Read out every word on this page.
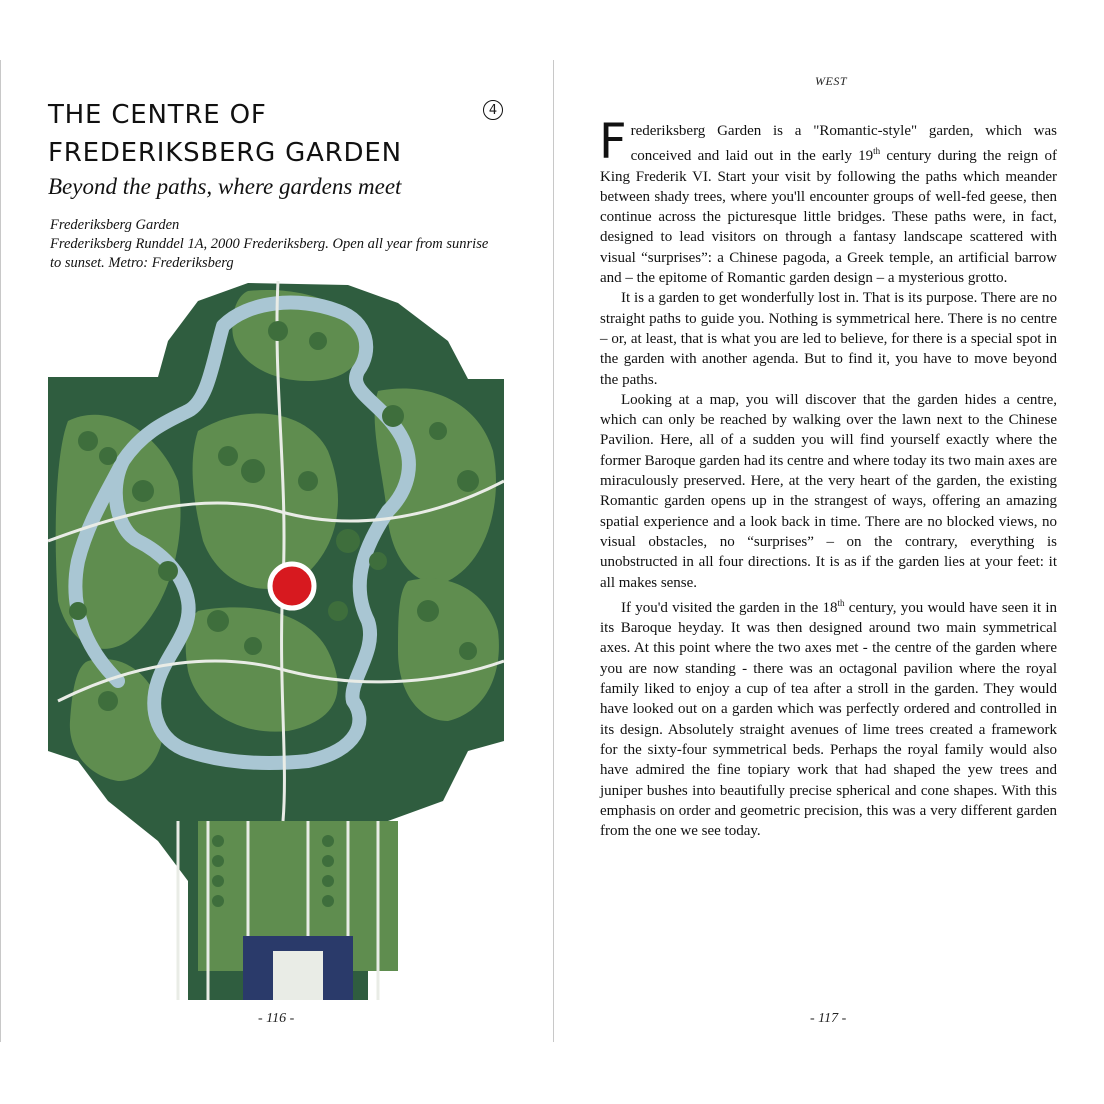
THE CENTRE OF
FREDERIKSBERG GARDEN
4
Beyond the paths, where gardens meet
Frederiksberg Garden
Frederiksberg Runddel 1A, 2000 Frederiksberg. Open all year from sunrise
to sunset. Metro: Frederiksberg
- 116 -
WEST

Frederiksberg Garden is a "Romantic-style" garden, which was conceived and laid out in the early 19th century during the reign of King Frederik VI. Start your visit by following the paths which meander between shady trees, where you'll encounter groups of well-fed geese, then continue across the picturesque little bridges. These paths were, in fact, designed to lead visitors on through a fantasy landscape scattered with visual “surprises”: a Chinese pagoda, a Greek temple, an artificial barrow and – the epitome of Romantic garden design – a mysterious grotto.

It is a garden to get wonderfully lost in. That is its purpose. There are no straight paths to guide you. Nothing is symmetrical here. There is no centre – or, at least, that is what you are led to believe, for there is a special spot in the garden with another agenda. But to find it, you have to move beyond the paths.

Looking at a map, you will discover that the garden hides a centre, which can only be reached by walking over the lawn next to the Chinese Pavilion. Here, all of a sudden you will find yourself exactly where the former Baroque garden had its centre and where today its two main axes are miraculously preserved. Here, at the very heart of the garden, the existing Romantic garden opens up in the strangest of ways, offering an amazing spatial experience and a look back in time. There are no blocked views, no visual obstacles, no “surprises” – on the contrary, everything is unobstructed in all four directions. It is as if the garden lies at your feet: it all makes sense.

If you'd visited the garden in the 18th century, you would have seen it in its Baroque heyday. It was then designed around two main symmetrical axes. At this point where the two axes met - the centre of the garden where you are now standing - there was an octagonal pavilion where the royal family liked to enjoy a cup of tea after a stroll in the garden. They would have looked out on a garden which was perfectly ordered and controlled in its design. Absolutely straight avenues of lime trees created a framework for the sixty-four symmetrical beds. Perhaps the royal family would also have admired the fine topiary work that had shaped the yew trees and juniper bushes into beautifully precise spherical and cone shapes. With this emphasis on order and geometric precision, this was a very different garden from the one we see today.

- 117 -
